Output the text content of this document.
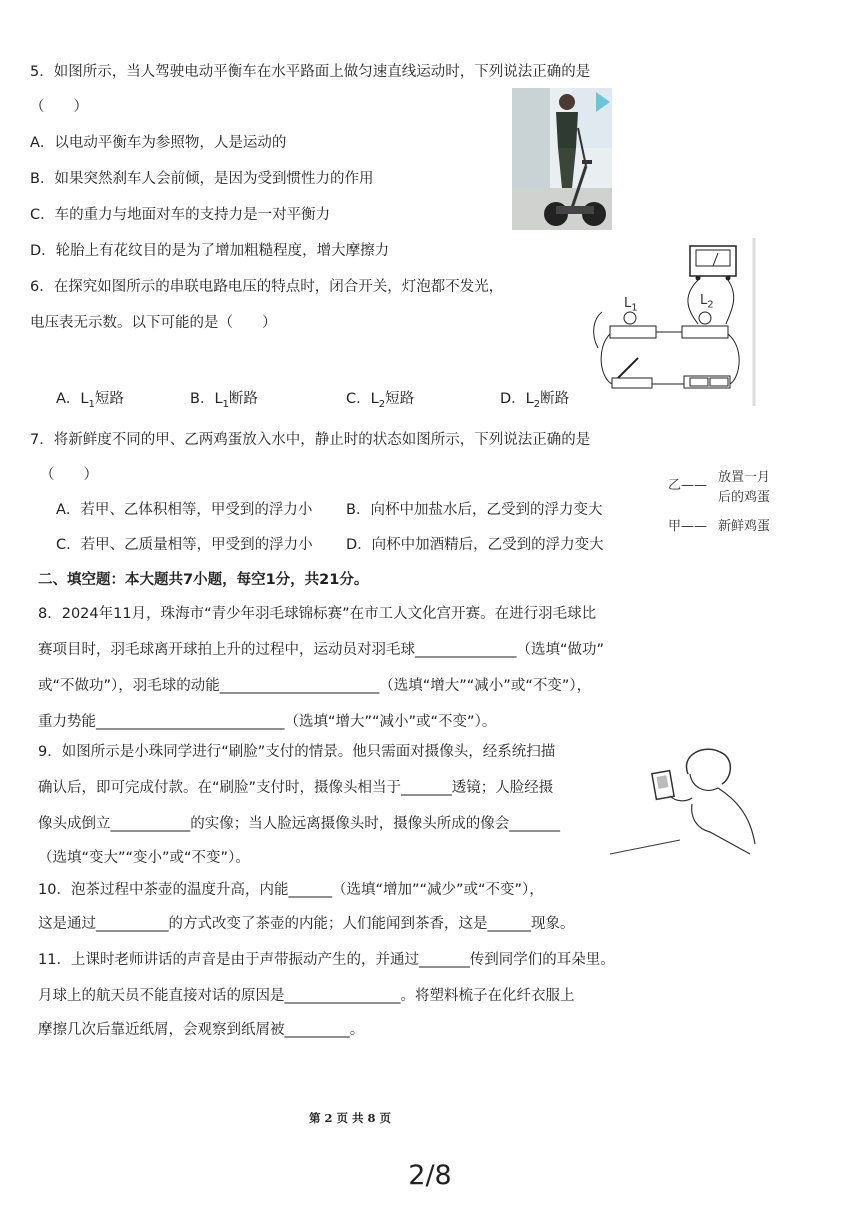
5．如图所示，当人驾驶电动平衡车在水平路面上做匀速直线运动时，下列说法正确的是
（　　）
A．以电动平衡车为参照物，人是运动的
B．如果突然刹车人会前倾，是因为受到惯性力的作用
C．车的重力与地面对车的支持力是一对平衡力
D．轮胎上有花纹目的是为了增加粗糙程度，增大摩擦力
6．在探究如图所示的串联电路电压的特点时，闭合开关，灯泡都不发光，
电压表无示数。以下可能的是（　　）
A．$L_1$短路	B．$L_1$断路	C．$L_2$短路	D．$L_2$断路
$L_1$
$L_2$
7．将新鲜度不同的甲、乙两鸡蛋放入水中，静止时的状态如图所示，下列说法正确的是
（　　）
A．若甲、乙体积相等，甲受到的浮力小 B．向杯中加盐水后，乙受到的浮力变大
C．若甲、乙质量相等，甲受到的浮力小 D．向杯中加酒精后，乙受到的浮力变大
乙——
放置一月
后的鸡蛋
甲—— 新鲜鸡蛋
二、填空题：本大题共7小题，每空1分，共21分。
8．2024年11月，珠海市“青少年羽毛球锦标赛”在市工人文化宫开赛。在进行羽毛球比
赛项目时，羽毛球离开球拍上升的过程中，运动员对羽毛球______________（选填“做功”
或“不做功”），羽毛球的动能______________________（选填“增大”“减小”或“不变”），
重力势能__________________________（选填“增大”“减小”或“不变”）。
9．如图所示是小珠同学进行“刷脸”支付的情景。他只需面对摄像头，经系统扫描
确认后，即可完成付款。在“刷脸”支付时，摄像头相当于_______透镜；人脸经摄
像头成倒立___________的实像；当人脸远离摄像头时，摄像头所成的像会_______
（选填“变大”“变小”或“不变”）。
10．泡茶过程中茶壶的温度升高，内能______（选填“增加”“减少”或“不变”），
这是通过__________的方式改变了茶壶的内能；人们能闻到茶香，这是______现象。
11．上课时老师讲话的声音是由于声带振动产生的，并通过_______传到同学们的耳朵里。
月球上的航天员不能直接对话的原因是________________。将塑料梳子在化纤衣服上
摩擦几次后靠近纸屑，会观察到纸屑被_________。
第 2 页 共 8 页
2/8
